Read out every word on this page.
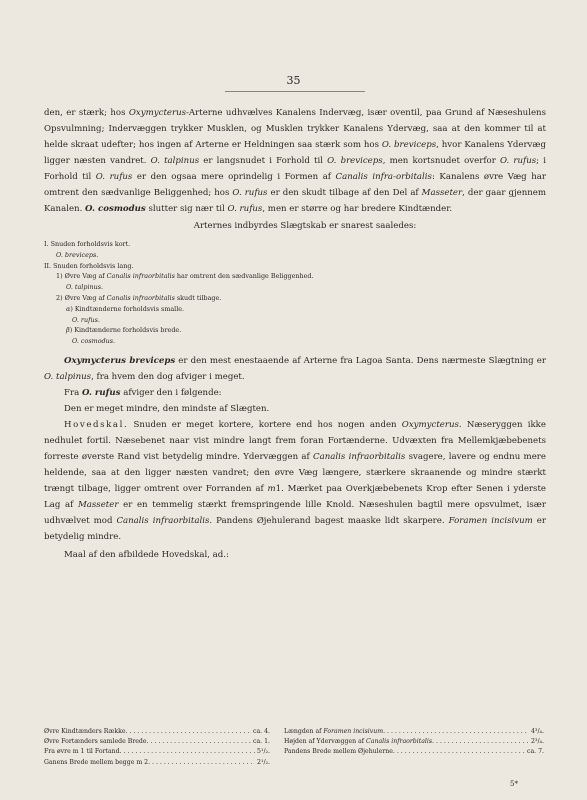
35

den, er stærk; hos Oxymycterus-Arterne udhvælves Kanalens Indervæg, især oventil, paa Grund af Næseshulens Opsvulmning; Indervæggen trykker Musklen, og Musklen trykker Kanalens Ydervæg, saa at den kommer til at helde skraat udefter; hos ingen af Arterne er Heldningen saa stærk som hos O. breviceps, hvor Kanalens Ydervæg ligger næsten vandret. O. talpinus er langsnudet i Forhold til O. breviceps, men kortsnudet overfor O. rufus; i Forhold til O. rufus er den ogsaa mere oprindelig i Formen af Canalis infra-orbitalis: Kanalens øvre Væg har omtrent den sædvanlige Beliggenhed; hos O. rufus er den skudt tilbage af den Del af Masseter, der gaar gjennem Kanalen. O. cosmodus slutter sig nær til O. rufus, men er større og har bredere Kindtænder.

Arternes indbyrdes Slægtskab er snarest saaledes:

I. Snuden forholdsvis kort.
O. breviceps.
II. Snuden forholdsvis lang.
1) Øvre Væg af Canalis infraorbitalis har omtrent den sædvanlige Beliggenhed.
O. talpinus.
2) Øvre Væg af Canalis infraorbitalis skudt tilbage.
α) Kindtænderne forholdsvis smalle.
O. rufus.
β) Kindtænderne forholdsvis brede.
O. cosmodus.

Oxymycterus breviceps er den mest enestaaende af Arterne fra Lagoa Santa. Dens nærmeste Slægtning er O. talpinus, fra hvem den dog afviger i meget.

Fra O. rufus afviger den i følgende:

Den er meget mindre, den mindste af Slægten.

Hovedskal. Snuden er meget kortere, kortere end hos nogen anden Oxymycterus. Næseryggen ikke nedhulet fortil. Næsebenet naar vist mindre langt frem foran Fortænderne. Udvæxten fra Mellemkjæbebenets forreste øverste Rand vist betydelig mindre. Ydervæggen af Canalis infraorbitalis svagere, lavere og endnu mere heldende, saa at den ligger næsten vandret; den øvre Væg længere, stærkere skraanende og mindre stærkt trængt tilbage, ligger omtrent over Forranden af m1. Mærket paa Overkjæbebenets Krop efter Senen i yderste Lag af Masseter er en temmelig stærkt fremspringende lille Knold. Næseshulen bagtil mere opsvulmet, især udhvælvet mod Canalis infraorbitalis. Pandens Øjehulerand bagest maaske lidt skarpere. Foramen incisivum er betydelig mindre.

Maal af den afbildede Hovedskal, ad.:

Øvre Kindtænders Række . . .	ca. 4.
Øvre Fortænders samlede Brede . . .	ca. 1.
Fra øvre m 1 til Fortand . . .	5¹/₂.
Ganens Brede mellem begge m 2 . . .	2¹/₂.
Længden af Foramen incisivum . . .	4³/₄.
Højden af Ydervæggen af Canalis infraorbitalis . . .	2³/₄.
Pandens Brede mellem Øjehulerne . . .	ca. 7.
5*
